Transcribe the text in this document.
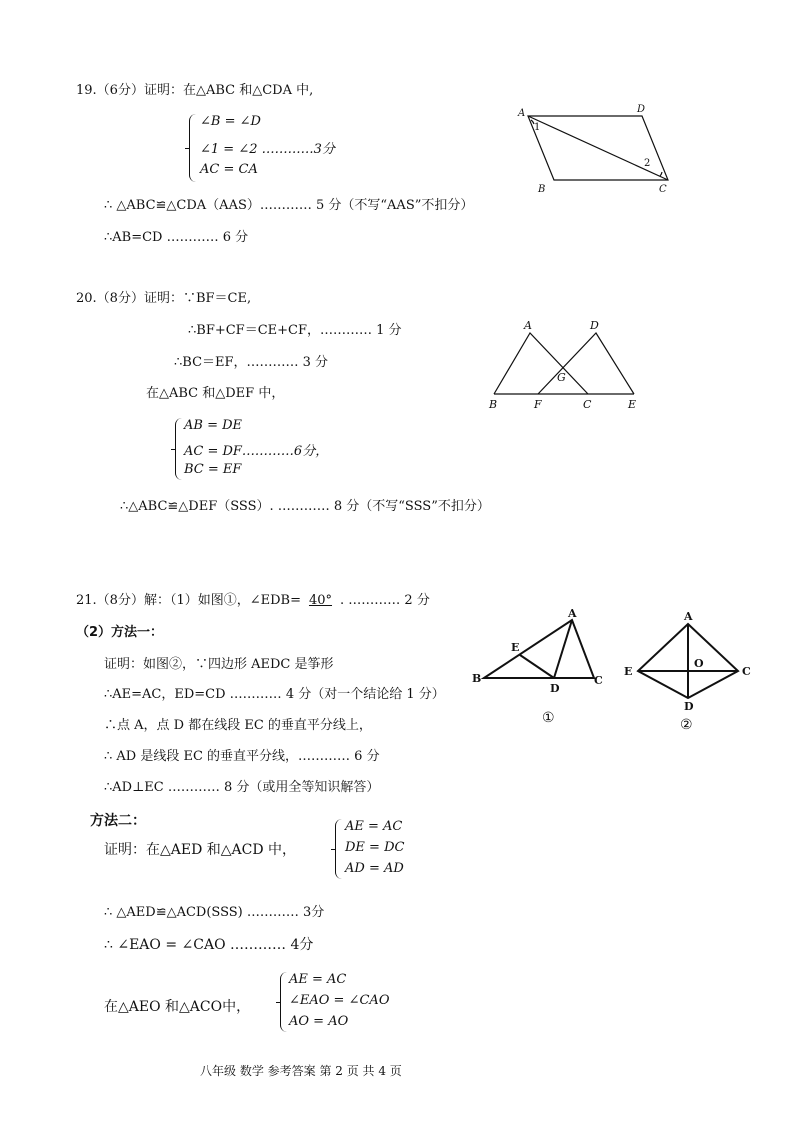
19.（6分）证明：在△ABC 和△CDA 中,
∠B = ∠D
∠1 = ∠2 …………3分
AC = CA
∴ △ABC≌△CDA（AAS）………… 5 分（不写“AAS”不扣分）
∴AB=CD ………… 6 分
A	D
B	C
1
2
20.（8分）证明：∵BF＝CE,
∴BF+CF＝CE+CF，………… 1 分
∴BC＝EF，………… 3 分
在△ABC 和△DEF 中，
AB = DE
AC = DF…………6分，
BC = EF
∴△ABC≌△DEF（SSS）. ………… 8 分（不写“SSS”不扣分）
A	D
G
B	F	C	E
21.（8分）解：（1）如图①，∠EDB= 40° . ………… 2 分
（2）方法一：
证明：如图②，∵四边形 AEDC 是筝形
∴AE=AC，ED=CD ………… 4 分（对一个结论给 1 分）
∴点 A，点 D 都在线段 EC 的垂直平分线上，
∴ AD 是线段 EC 的垂直平分线，………… 6 分
∴AD⊥EC ………… 8 分（或用全等知识解答）
方法二：
证明：在△AED 和△ACD 中，
AE = AC
DE = DC
AD = AD
∴ △AED≌△ACD(SSS) ………… 3分
∴ ∠EAO = ∠CAO ………… 4分
在△AEO 和△ACO中，
AE = AC
∠EAO = ∠CAO
AO = AO
A
B	C
D
E
①
A
E	C
D
O
②
八年级 数学 参考答案 第 2 页 共 4 页
